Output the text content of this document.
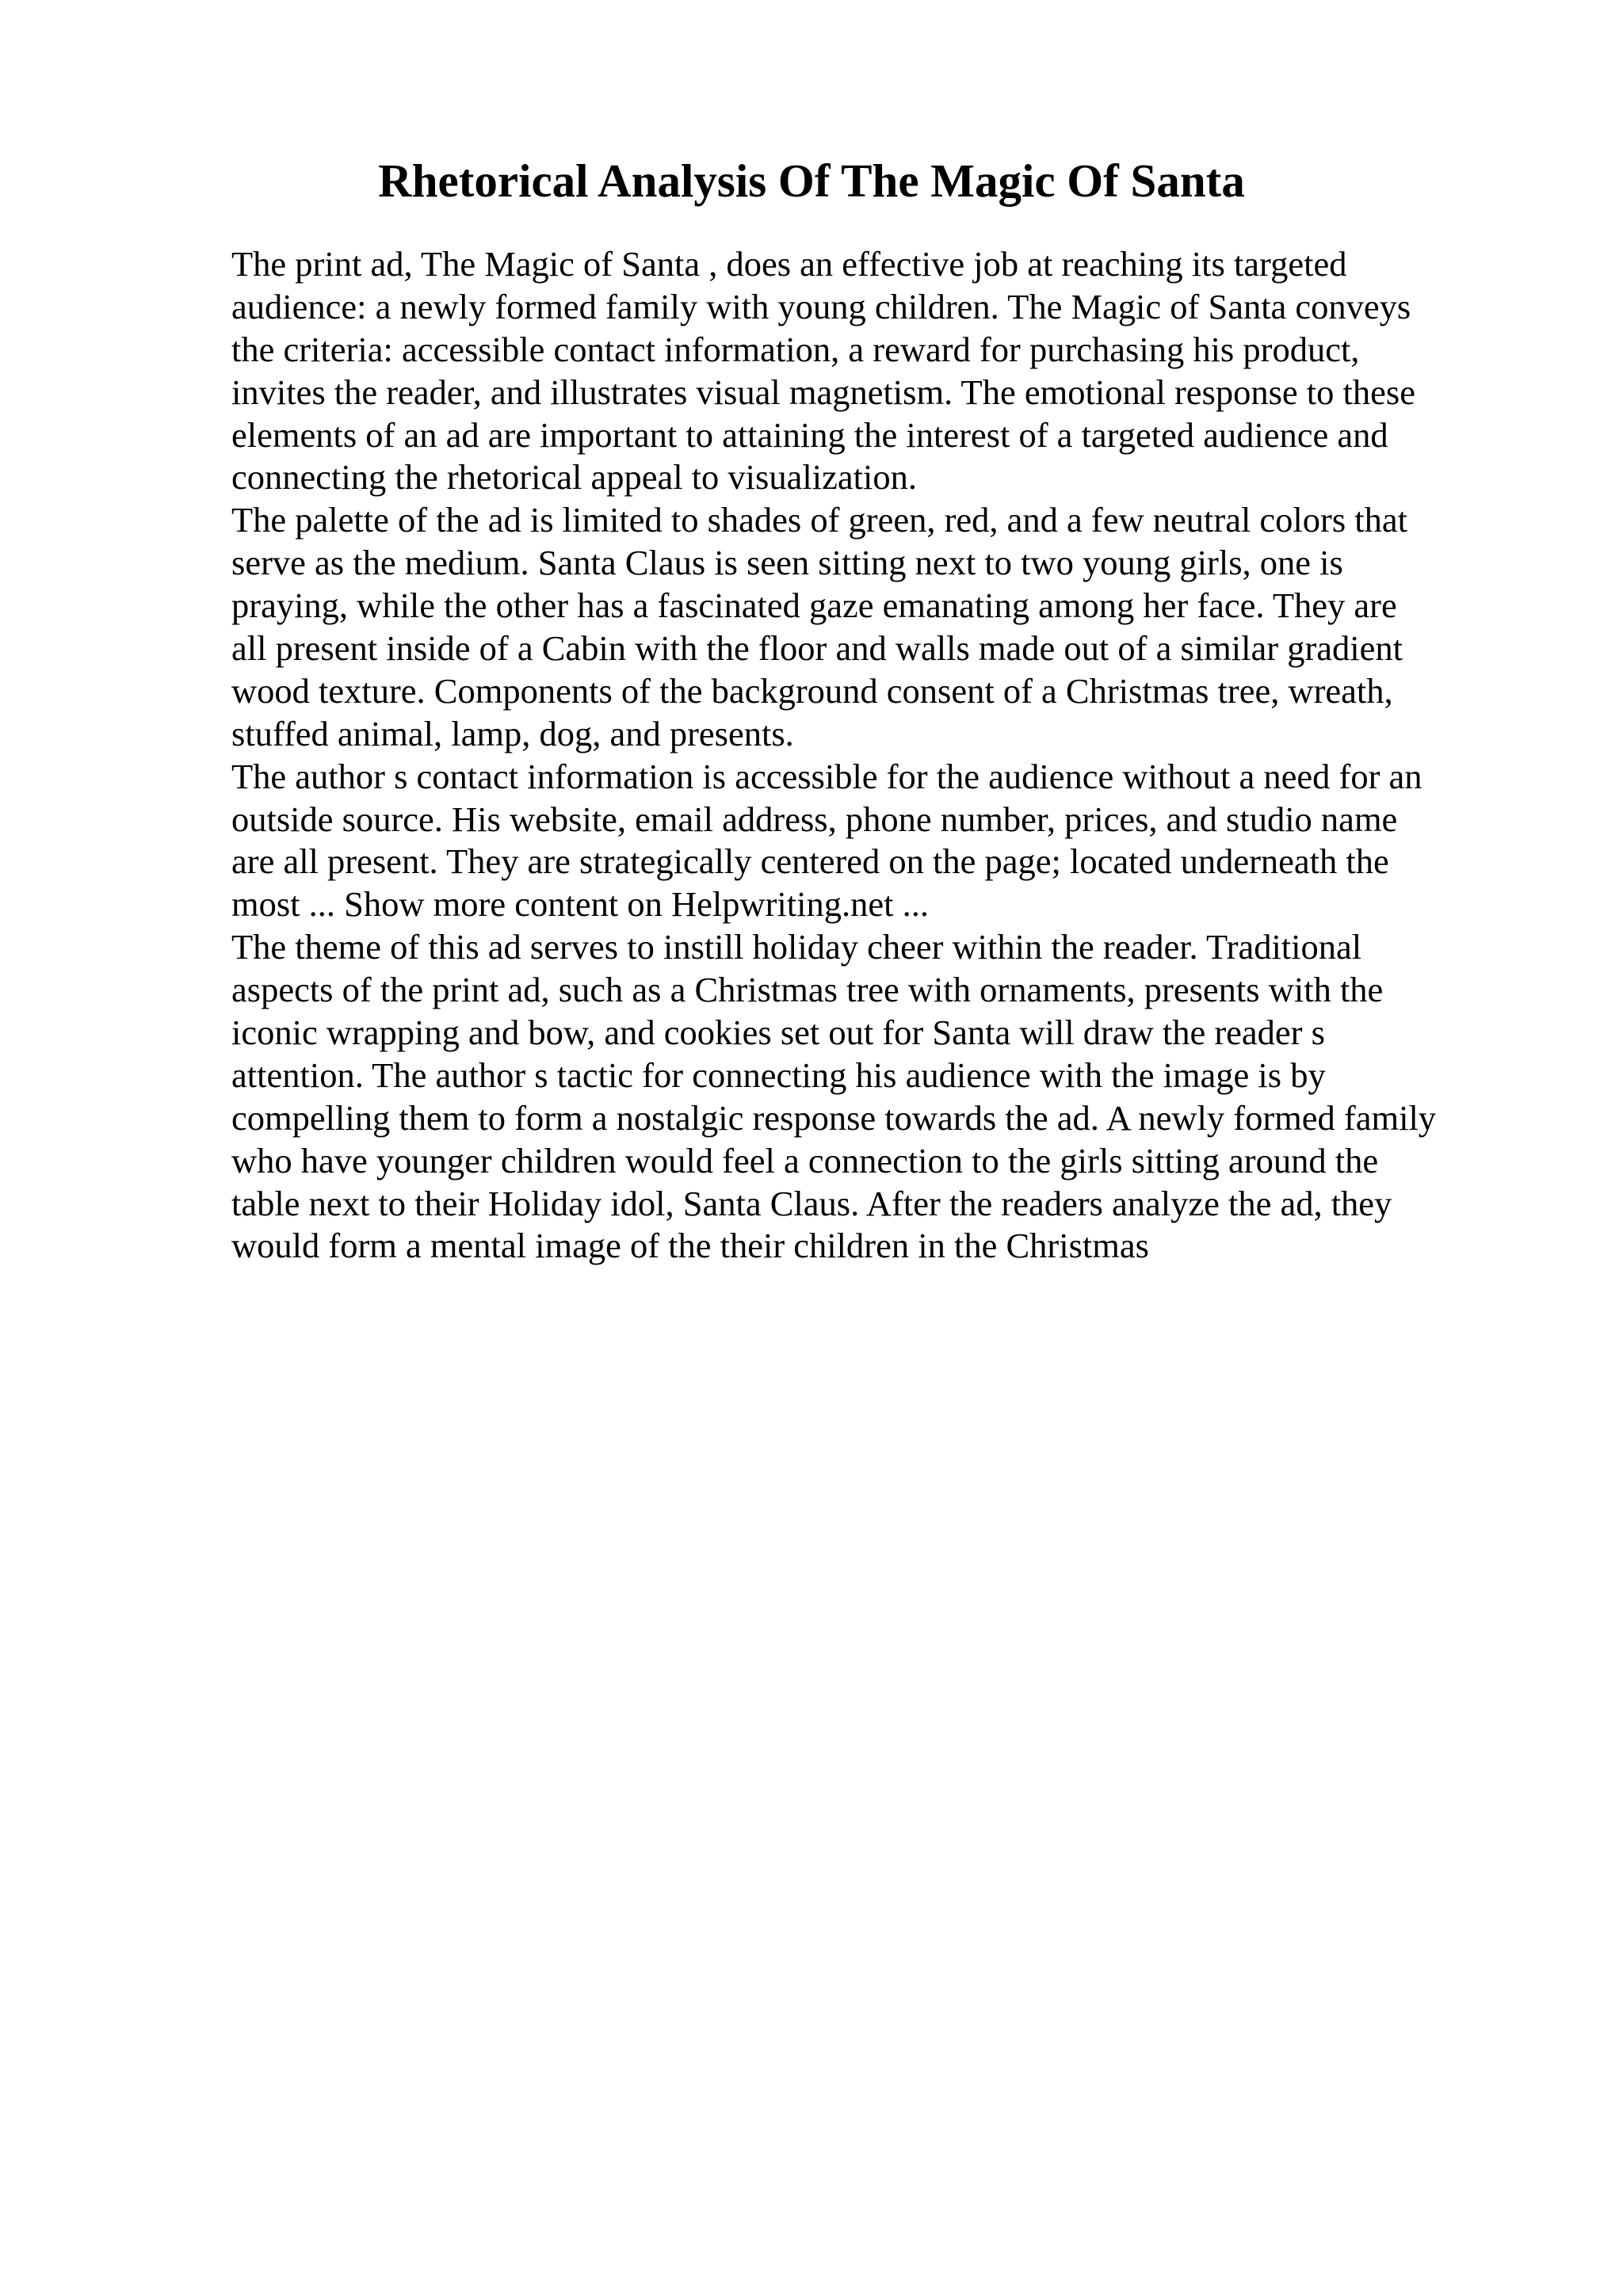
Rhetorical Analysis Of The Magic Of Santa
The print ad, The Magic of Santa , does an effective job at reaching its targeted
audience: a newly formed family with young children. The Magic of Santa conveys
the criteria: accessible contact information, a reward for purchasing his product,
invites the reader, and illustrates visual magnetism. The emotional response to these
elements of an ad are important to attaining the interest of a targeted audience and
connecting the rhetorical appeal to visualization.
The palette of the ad is limited to shades of green, red, and a few neutral colors that
serve as the medium. Santa Claus is seen sitting next to two young girls, one is
praying, while the other has a fascinated gaze emanating among her face. They are
all present inside of a Cabin with the floor and walls made out of a similar gradient
wood texture. Components of the background consent of a Christmas tree, wreath,
stuffed animal, lamp, dog, and presents.
The author s contact information is accessible for the audience without a need for an
outside source. His website, email address, phone number, prices, and studio name
are all present. They are strategically centered on the page; located underneath the
most ... Show more content on Helpwriting.net ...
The theme of this ad serves to instill holiday cheer within the reader. Traditional
aspects of the print ad, such as a Christmas tree with ornaments, presents with the
iconic wrapping and bow, and cookies set out for Santa will draw the reader s
attention. The author s tactic for connecting his audience with the image is by
compelling them to form a nostalgic response towards the ad. A newly formed family
who have younger children would feel a connection to the girls sitting around the
table next to their Holiday idol, Santa Claus. After the readers analyze the ad, they
would form a mental image of the their children in the Christmas
